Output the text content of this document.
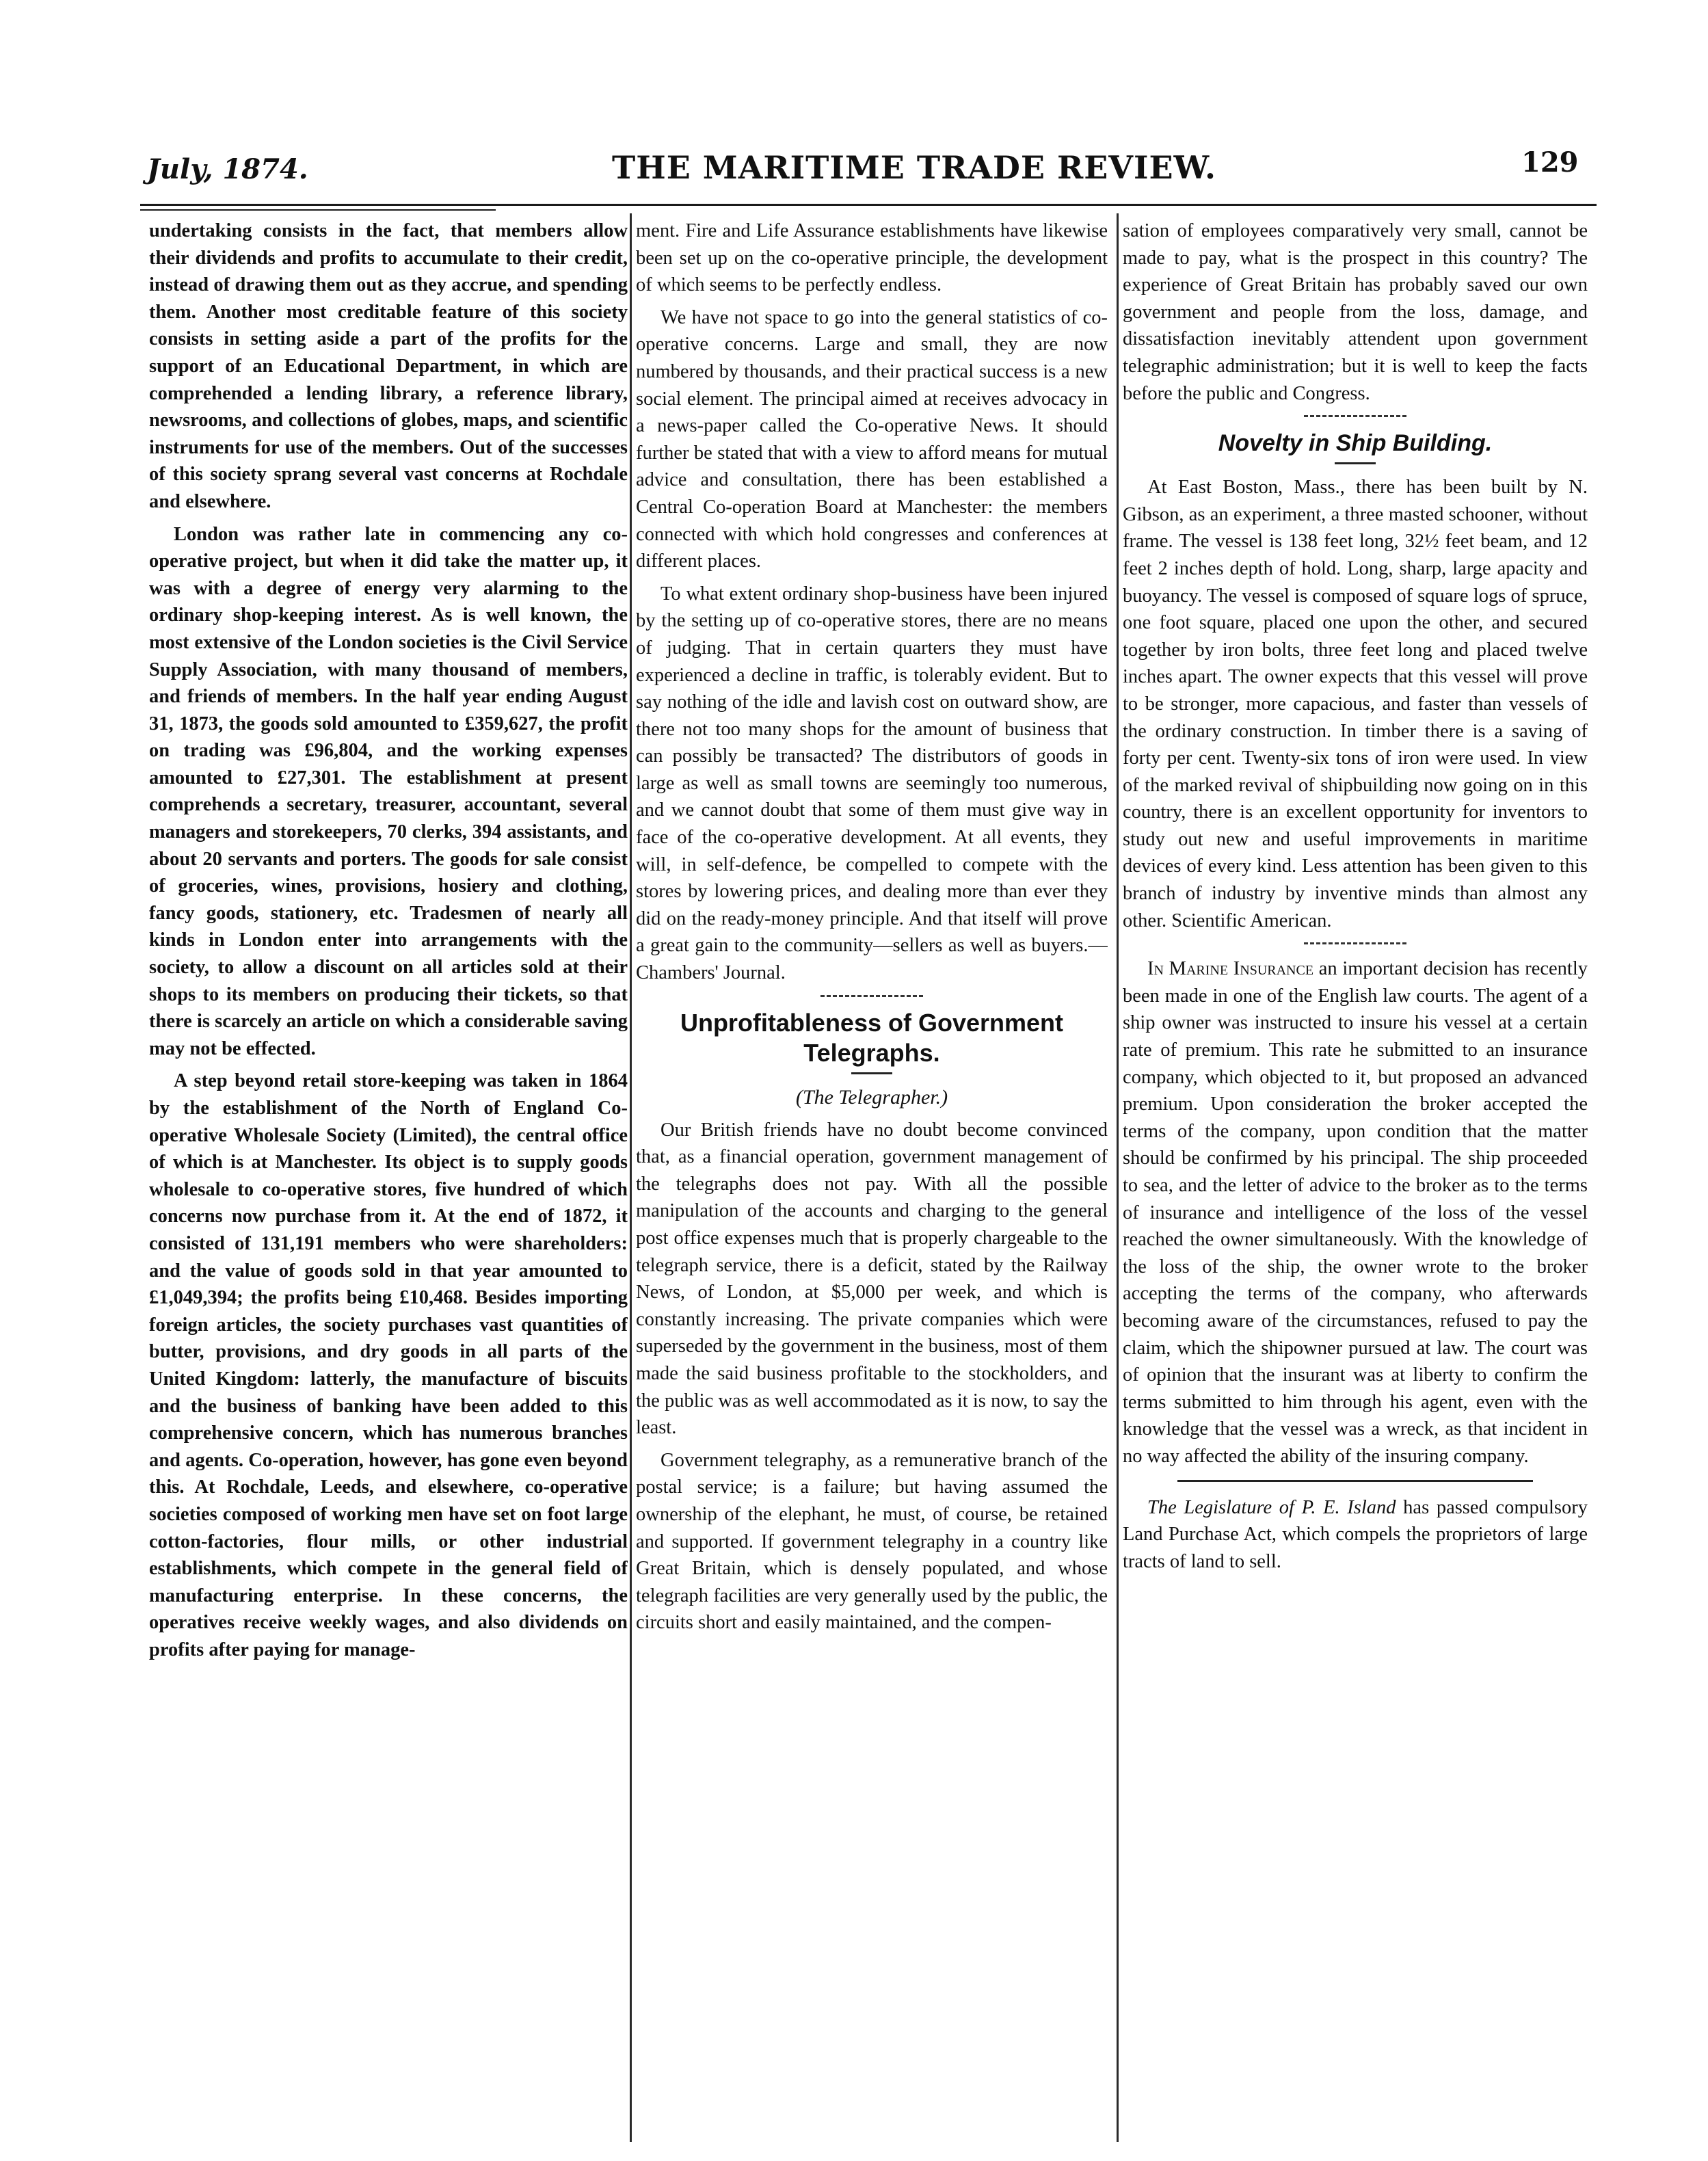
July, 1874.	THE MARITIME TRADE REVIEW.	129

undertaking consists in the fact, that members allow their dividends and profits to accumulate to their credit, instead of drawing them out as they accrue, and spending them. Another most creditable feature of this society consists in setting aside a part of the profits for the support of an Educational Department, in which are comprehended a lending library, a reference library, newsrooms, and collections of globes, maps, and scientific instruments for use of the members. Out of the successes of this society sprang several vast concerns at Rochdale and elsewhere.

London was rather late in commencing any co-operative project, but when it did take the matter up, it was with a degree of energy very alarming to the ordinary shop-keeping interest. As is well known, the most extensive of the London societies is the Civil Service Supply Association, with many thousand of members, and friends of members. In the half year ending August 31, 1873, the goods sold amounted to £359,627, the profit on trading was £96,804, and the working expenses amounted to £27,301. The establishment at present comprehends a secretary, treasurer, accountant, several managers and storekeepers, 70 clerks, 394 assistants, and about 20 servants and porters. The goods for sale consist of groceries, wines, provisions, hosiery and clothing, fancy goods, stationery, etc. Tradesmen of nearly all kinds in London enter into arrangements with the society, to allow a discount on all articles sold at their shops to its members on producing their tickets, so that there is scarcely an article on which a considerable saving may not be effected.

A step beyond retail store-keeping was taken in 1864 by the establishment of the North of England Co-operative Wholesale Society (Limited), the central office of which is at Manchester. Its object is to supply goods wholesale to co-operative stores, five hundred of which concerns now purchase from it. At the end of 1872, it consisted of 131,191 members who were shareholders: and the value of goods sold in that year amounted to £1,049,394; the profits being £10,468. Besides importing foreign articles, the society purchases vast quantities of butter, provisions, and dry goods in all parts of the United Kingdom: latterly, the manufacture of biscuits and the business of banking have been added to this comprehensive concern, which has numerous branches and agents. Co-operation, however, has gone even beyond this. At Rochdale, Leeds, and elsewhere, co-operative societies composed of working men have set on foot large cotton-factories, flour mills, or other industrial establishments, which compete in the general field of manufacturing enterprise. In these concerns, the operatives receive weekly wages, and also dividends on profits after paying for manage-

ment. Fire and Life Assurance establishments have likewise been set up on the co-operative principle, the development of which seems to be perfectly endless.

We have not space to go into the general statistics of co-operative concerns. Large and small, they are now numbered by thousands, and their practical success is a new social element. The principal aimed at receives advocacy in a news-paper called the Co-operative News. It should further be stated that with a view to afford means for mutual advice and consultation, there has been established a Central Co-operation Board at Manchester: the members connected with which hold congresses and conferences at different places.

To what extent ordinary shop-business have been injured by the setting up of co-operative stores, there are no means of judging. That in certain quarters they must have experienced a decline in traffic, is tolerably evident. But to say nothing of the idle and lavish cost on outward show, are there not too many shops for the amount of business that can possibly be transacted? The distributors of goods in large as well as small towns are seemingly too numerous, and we cannot doubt that some of them must give way in face of the co-operative development. At all events, they will, in self-defence, be compelled to compete with the stores by lowering prices, and dealing more than ever they did on the ready-money principle. And that itself will prove a great gain to the community—sellers as well as buyers.—Chambers' Journal.

Unprofitableness of Government Telegraphs.
(The Telegrapher.)

Our British friends have no doubt become convinced that, as a financial operation, government management of the telegraphs does not pay. With all the possible manipulation of the accounts and charging to the general post office expenses much that is properly chargeable to the telegraph service, there is a deficit, stated by the Railway News, of London, at $5,000 per week, and which is constantly increasing. The private companies which were superseded by the government in the business, most of them made the said business profitable to the stockholders, and the public was as well accommodated as it is now, to say the least.

Government telegraphy, as a remunerative branch of the postal service; is a failure; but having assumed the ownership of the elephant, he must, of course, be retained and supported. If government telegraphy in a country like Great Britain, which is densely populated, and whose telegraph facilities are very generally used by the public, the circuits short and easily maintained, and the compen-

sation of employees comparatively very small, cannot be made to pay, what is the prospect in this country? The experience of Great Britain has probably saved our own government and people from the loss, damage, and dissatisfaction inevitably attendent upon government telegraphic administration; but it is well to keep the facts before the public and Congress.

Novelty in Ship Building.

At East Boston, Mass., there has been built by N. Gibson, as an experiment, a three masted schooner, without frame. The vessel is 138 feet long, 32½ feet beam, and 12 feet 2 inches depth of hold. Long, sharp, large apacity and buoyancy. The vessel is composed of square logs of spruce, one foot square, placed one upon the other, and secured together by iron bolts, three feet long and placed twelve inches apart. The owner expects that this vessel will prove to be stronger, more capacious, and faster than vessels of the ordinary construction. In timber there is a saving of forty per cent. Twenty-six tons of iron were used. In view of the marked revival of shipbuilding now going on in this country, there is an excellent opportunity for inventors to study out new and useful improvements in maritime devices of every kind. Less attention has been given to this branch of industry by inventive minds than almost any other. Scientific American.

In Marine Insurance an important decision has recently been made in one of the English law courts. The agent of a ship owner was instructed to insure his vessel at a certain rate of premium. This rate he submitted to an insurance company, which objected to it, but proposed an advanced premium. Upon consideration the broker accepted the terms of the company, upon condition that the matter should be confirmed by his principal. The ship proceeded to sea, and the letter of advice to the broker as to the terms of insurance and intelligence of the loss of the vessel reached the owner simultaneously. With the knowledge of the loss of the ship, the owner wrote to the broker accepting the terms of the company, who afterwards becoming aware of the circumstances, refused to pay the claim, which the shipowner pursued at law. The court was of opinion that the insurant was at liberty to confirm the terms submitted to him through his agent, even with the knowledge that the vessel was a wreck, as that incident in no way affected the ability of the insuring company.

The Legislature of P. E. Island has passed compulsory Land Purchase Act, which compels the proprietors of large tracts of land to sell.
